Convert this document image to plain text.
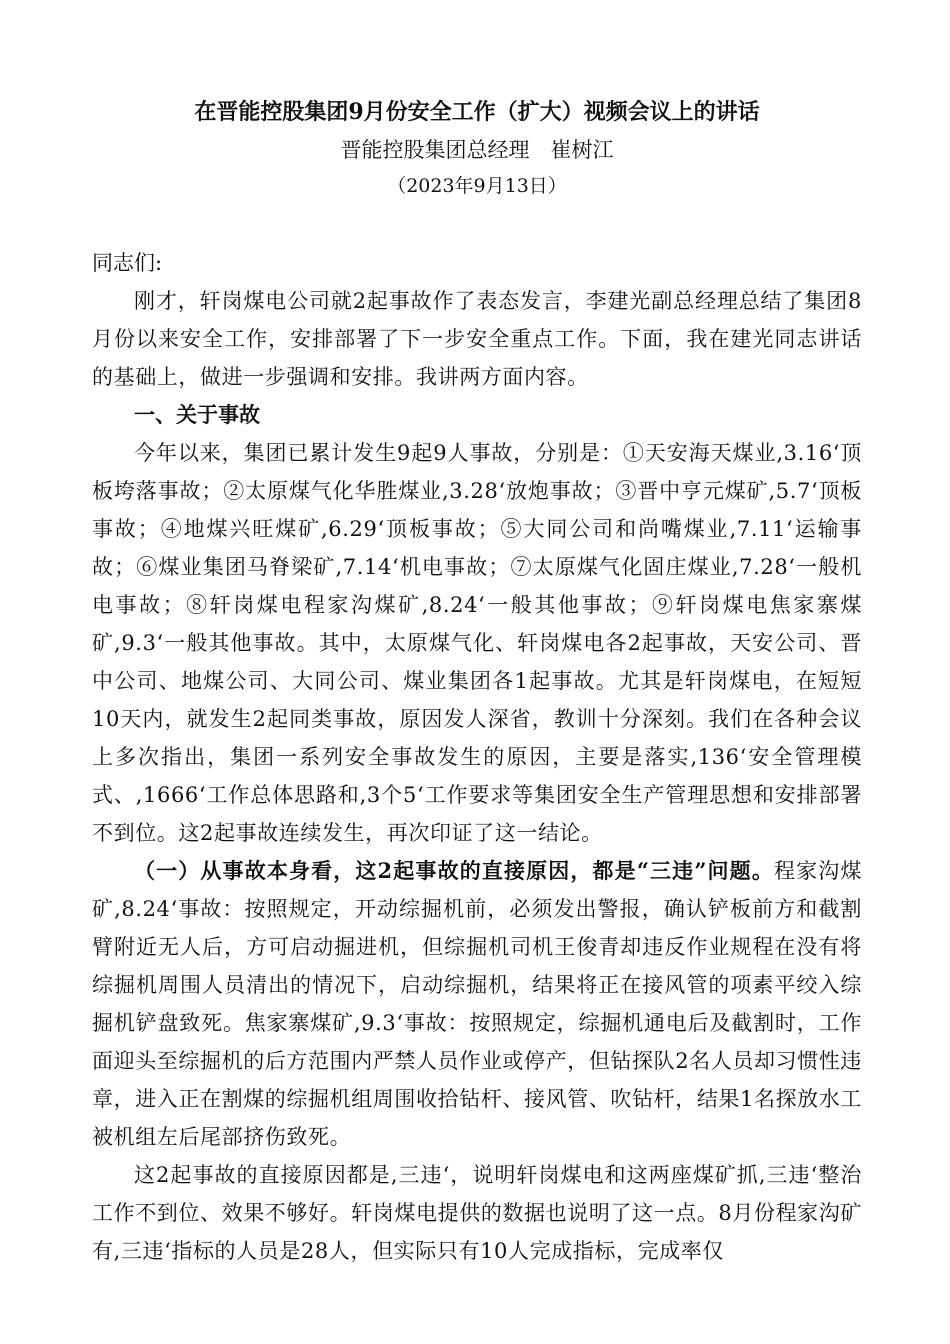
在晋能控股集团9月份安全工作（扩大）视频会议上的讲话
晋能控股集团总经理　崔树江
（2023年9月13日）
同志们:

刚才，轩岗煤电公司就2起事故作了表态发言，李建光副总经理总结了集团8月份以来安全工作，安排部署了下一步安全重点工作。下面，我在建光同志讲话的基础上，做进一步强调和安排。我讲两方面内容。

一、关于事故

今年以来，集团已累计发生9起9人事故，分别是：①天安海天煤业,3.16‘顶板垮落事故；②太原煤气化华胜煤业,3.28‘放炮事故；③晋中亨元煤矿,5.7‘顶板事故；④地煤兴旺煤矿,6.29‘顶板事故；⑤大同公司和尚嘴煤业,7.11‘运输事故；⑥煤业集团马脊梁矿,7.14‘机电事故；⑦太原煤气化固庄煤业,7.28‘一般机电事故；⑧轩岗煤电程家沟煤矿,8.24‘一般其他事故；⑨轩岗煤电焦家寨煤矿,9.3‘一般其他事故。其中，太原煤气化、轩岗煤电各2起事故，天安公司、晋中公司、地煤公司、大同公司、煤业集团各1起事故。尤其是轩岗煤电，在短短10天内，就发生2起同类事故，原因发人深省，教训十分深刻。我们在各种会议上多次指出，集团一系列安全事故发生的原因，主要是落实,136‘安全管理模式、,1666‘工作总体思路和,3个5‘工作要求等集团安全生产管理思想和安排部署不到位。这2起事故连续发生，再次印证了这一结论。

（一）从事故本身看，这2起事故的直接原因，都是“三违”问题。程家沟煤矿,8.24‘事故：按照规定，开动综掘机前，必须发出警报，确认铲板前方和截割臂附近无人后，方可启动掘进机，但综掘机司机王俊青却违反作业规程在没有将综掘机周围人员清出的情况下，启动综掘机，结果将正在接风管的项素平绞入综掘机铲盘致死。焦家寨煤矿,9.3‘事故：按照规定，综掘机通电后及截割时，工作面迎头至综掘机的后方范围内严禁人员作业或停产，但钻探队2名人员却习惯性违章，进入正在割煤的综掘机组周围收拾钻杆、接风管、吹钻杆，结果1名探放水工被机组左后尾部挤伤致死。

这2起事故的直接原因都是,三违‘，说明轩岗煤电和这两座煤矿抓,三违‘整治工作不到位、效果不够好。轩岗煤电提供的数据也说明了这一点。8月份程家沟矿有,三违‘指标的人员是28人，但实际只有10人完成指标，完成率仅
